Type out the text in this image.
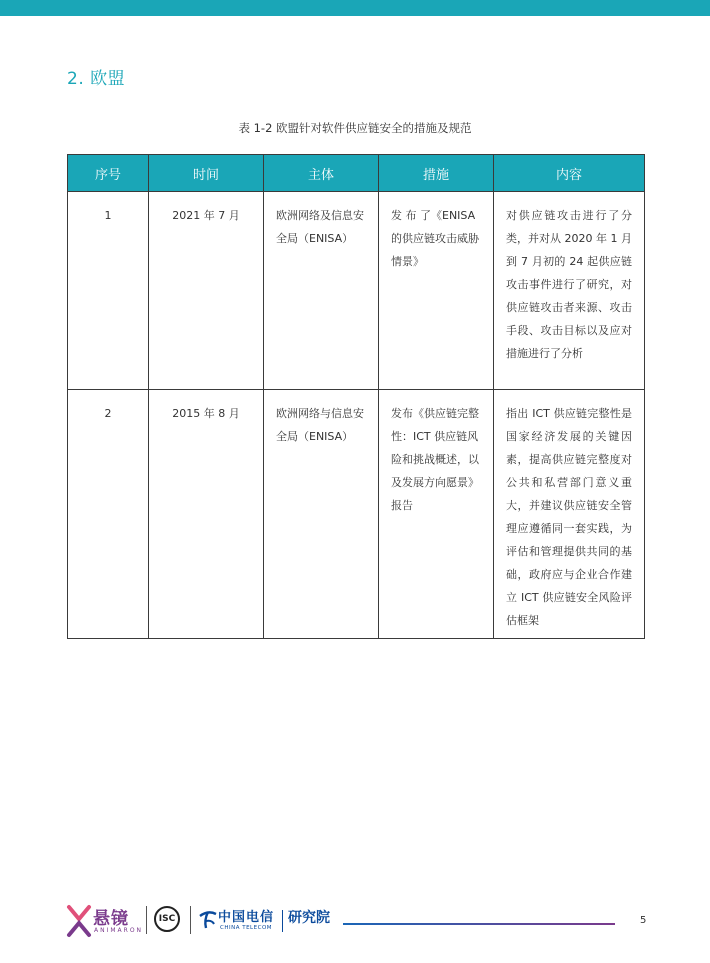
2. 欧盟
表 1-2 欧盟针对软件供应链安全的措施及规范
序号	时间	主体	措施	内容
1	2021 年 7 月	欧洲网络及信息安全局（ENISA）	发 布 了《ENISA 的供应链攻击威胁情景》	对供应链攻击进行了分类，并对从 2020 年 1 月到 7 月初的 24 起供应链攻击事件进行了研究，对供应链攻击者来源、攻击手段、攻击目标以及应对措施进行了分析
2	2015 年 8 月	欧洲网络与信息安全局（ENISA）	发布《供应链完整 性：ICT 供应链风险和挑战概述，以及发展方向愿景》报告	指出 ICT 供应链完整性是国家经济发展的关键因素，提高供应链完整度对公共和私营部门意义重大，并建议供应链安全管理应遵循同一套实践，为评估和管理提供共同的基础，政府应与企业合作建立 ICT 供应链安全风险评估框架
悬镜
ANIMARON
ISC	中国电信
CHINA TELECOM
研究院	5
